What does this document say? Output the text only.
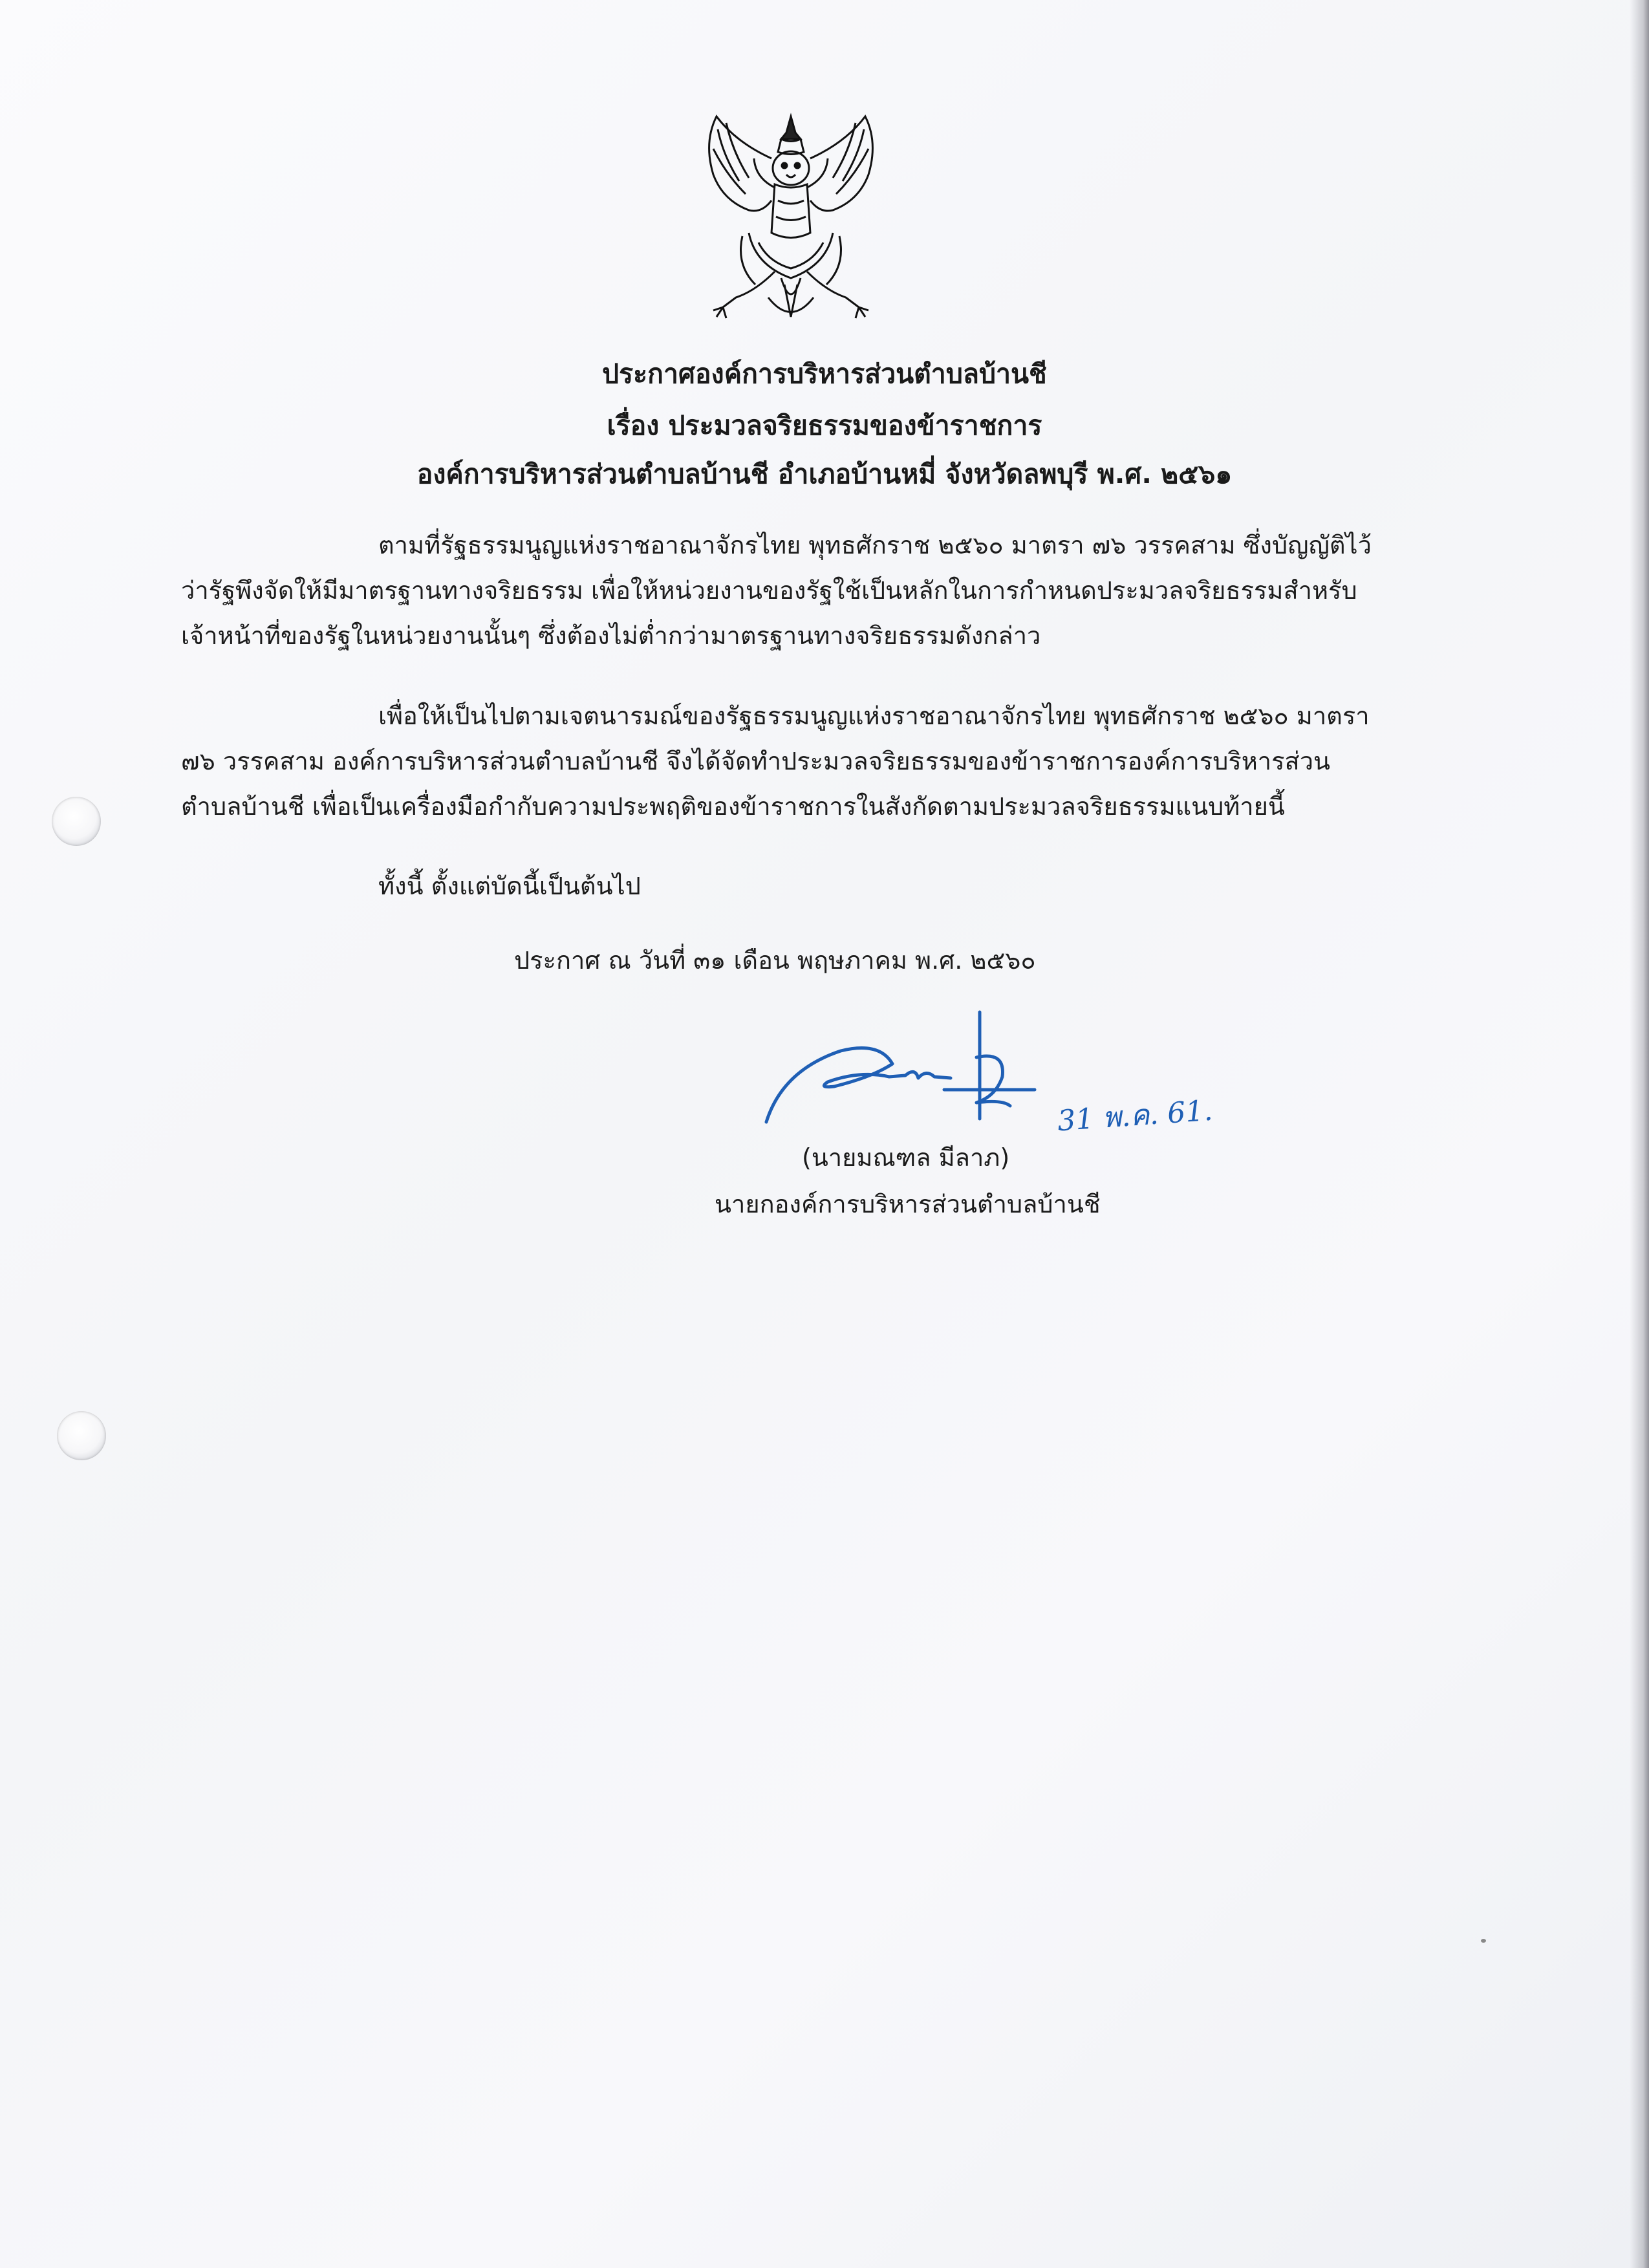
ประกาศองค์การบริหารส่วนตำบลบ้านชี
เรื่อง ประมวลจริยธรรมของข้าราชการ
องค์การบริหารส่วนตำบลบ้านชี อำเภอบ้านหมี่ จังหวัดลพบุรี พ.ศ. ๒๕๖๑
ตามที่รัฐธรรมนูญแห่งราชอาณาจักรไทย พุทธศักราช ๒๕๖๐ มาตรา ๗๖ วรรคสาม ซึ่งบัญญัติไว้
ว่ารัฐพึงจัดให้มีมาตรฐานทางจริยธรรม เพื่อให้หน่วยงานของรัฐใช้เป็นหลักในการกำหนดประมวลจริยธรรมสำหรับ
เจ้าหน้าที่ของรัฐในหน่วยงานนั้นๆ ซึ่งต้องไม่ต่ำกว่ามาตรฐานทางจริยธรรมดังกล่าว
เพื่อให้เป็นไปตามเจตนารมณ์ของรัฐธรรมนูญแห่งราชอาณาจักรไทย พุทธศักราช ๒๕๖๐ มาตรา
๗๖ วรรคสาม องค์การบริหารส่วนตำบลบ้านชี จึงได้จัดทำประมวลจริยธรรมของข้าราชการองค์การบริหารส่วน
ตำบลบ้านชี เพื่อเป็นเครื่องมือกำกับความประพฤติของข้าราชการในสังกัดตามประมวลจริยธรรมแนบท้ายนี้
ทั้งนี้ ตั้งแต่บัดนี้เป็นต้นไป
ประกาศ ณ วันที่ ๓๑ เดือน พฤษภาคม พ.ศ. ๒๕๖๐
31 พ.ค. 61.
(นายมณฑล มีลาภ)
นายกองค์การบริหารส่วนตำบลบ้านชี
